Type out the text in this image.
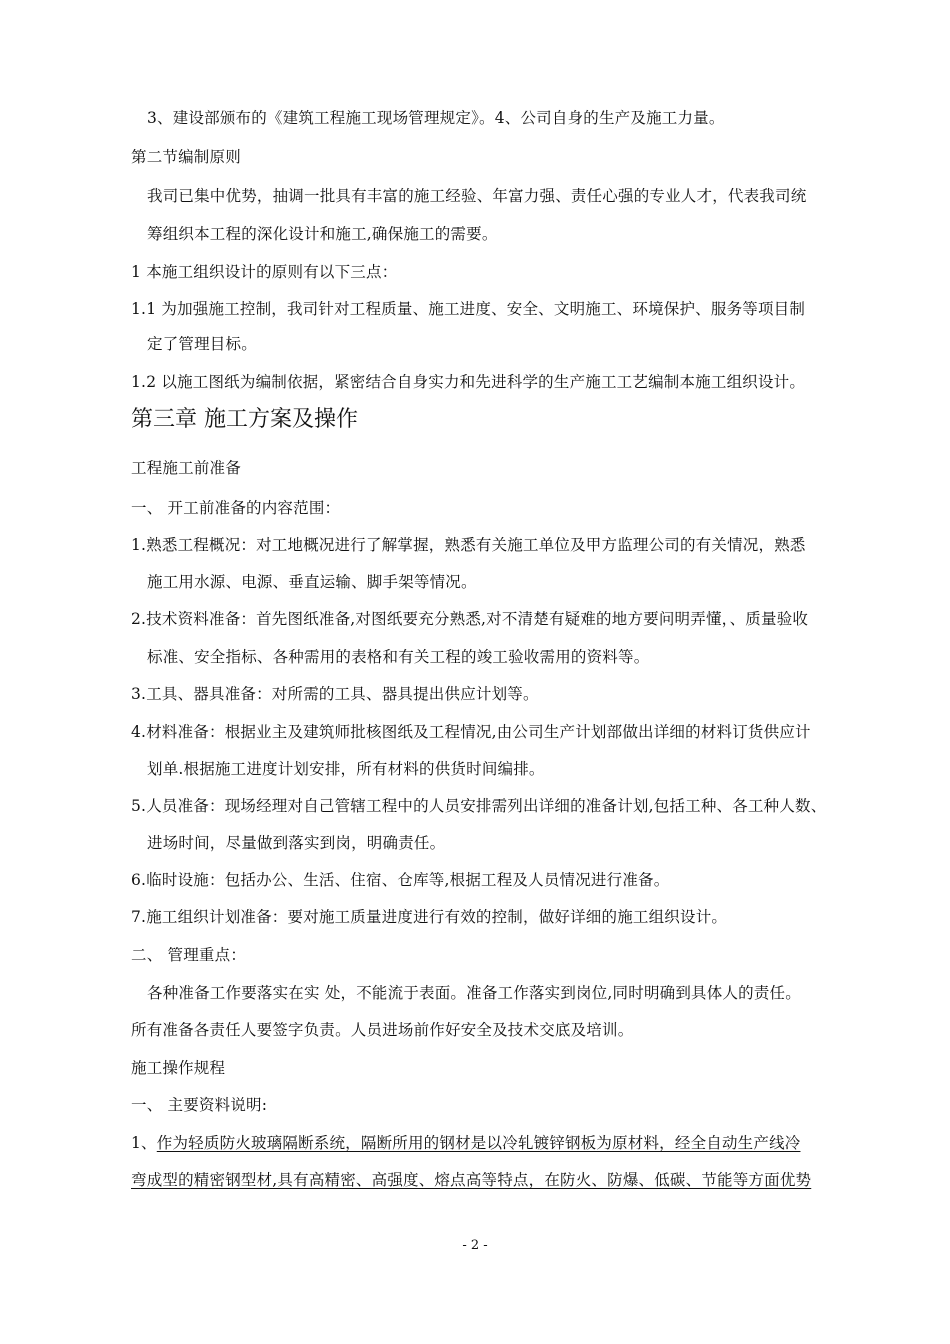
3、建设部颁布的《建筑工程施工现场管理规定》。4、公司自身的生产及施工力量。
第二节编制原则
我司已集中优势，抽调一批具有丰富的施工经验、年富力强、责任心强的专业人才，代表我司统
筹组织本工程的深化设计和施工,确保施工的需要。
1 本施工组织设计的原则有以下三点：
1.1 为加强施工控制，我司针对工程质量、施工进度、安全、文明施工、环境保护、服务等项目制
定了管理目标。
1.2 以施工图纸为编制依据，紧密结合自身实力和先进科学的生产施工工艺编制本施工组织设计。
第三章 施工方案及操作
工程施工前准备
一、 开工前准备的内容范围：
1.熟悉工程概况：对工地概况进行了解掌握，熟悉有关施工单位及甲方监理公司的有关情况，熟悉
施工用水源、电源、垂直运输、脚手架等情况。
2.技术资料准备：首先图纸准备,对图纸要充分熟悉,对不清楚有疑难的地方要问明弄懂，、质量验收
标准、安全指标、各种需用的表格和有关工程的竣工验收需用的资料等。
3.工具、器具准备：对所需的工具、器具提出供应计划等。
4.材料准备：根据业主及建筑师批核图纸及工程情况,由公司生产计划部做出详细的材料订货供应计
划单.根据施工进度计划安排，所有材料的供货时间编排。
5.人员准备：现场经理对自己管辖工程中的人员安排需列出详细的准备计划,包括工种、各工种人数、
进场时间，尽量做到落实到岗，明确责任。
6.临时设施：包括办公、生活、住宿、仓库等,根据工程及人员情况进行准备。
7.施工组织计划准备：要对施工质量进度进行有效的控制，做好详细的施工组织设计。
二、 管理重点：
各种准备工作要落实在实 处，不能流于表面。准备工作落实到岗位,同时明确到具体人的责任。
所有准备各责任人要签字负责。人员进场前作好安全及技术交底及培训。
施工操作规程
一、 主要资料说明:
1、作为轻质防火玻璃隔断系统，隔断所用的钢材是以冷轧镀锌钢板为原材料，经全自动生产线冷
弯成型的精密钢型材,具有高精密、高强度、熔点高等特点，在防火、防爆、低碳、节能等方面优势
- 2 -
